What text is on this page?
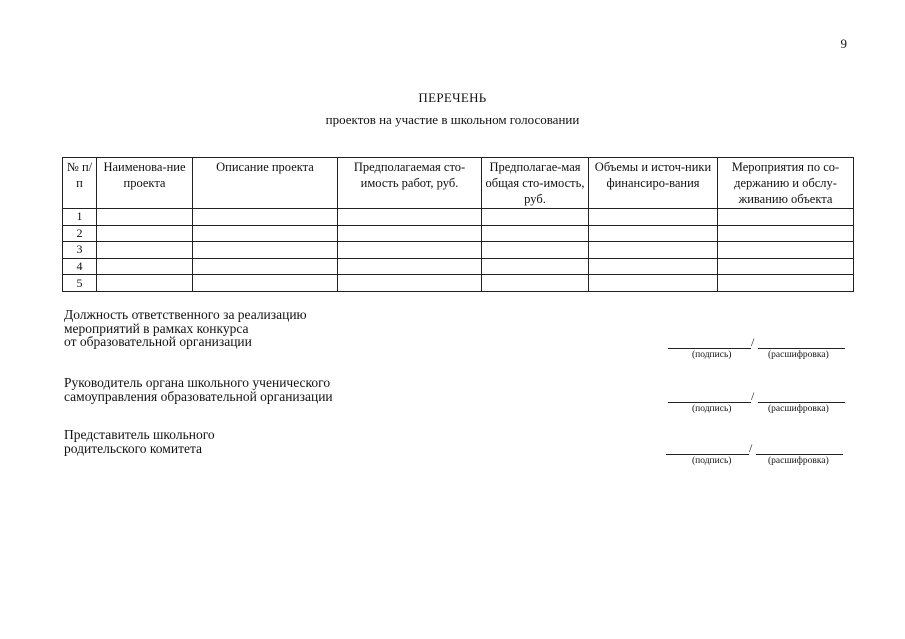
9
ПЕРЕЧЕНЬ
проектов на участие в школьном голосовании
№ п/п	Наименова-ние проекта	Описание проекта	Предполагаемая сто-имость работ, руб.	Предполагае-мая общая сто-имость, руб.	Объемы и источ-ники финансиро-вания	Мероприятия по со-держанию и обслу-живанию объекта
1						
2						
3						
4						
5						
Должность ответственного за реализацию
мероприятий в рамках конкурса
от образовательной организации	/
(подпись)	(расшифровка)
Руководитель органа школьного ученического
самоуправления образовательной организации	/
(подпись)	(расшифровка)
Представитель школьного
родительского комитета	/
(подпись)	(расшифровка)
